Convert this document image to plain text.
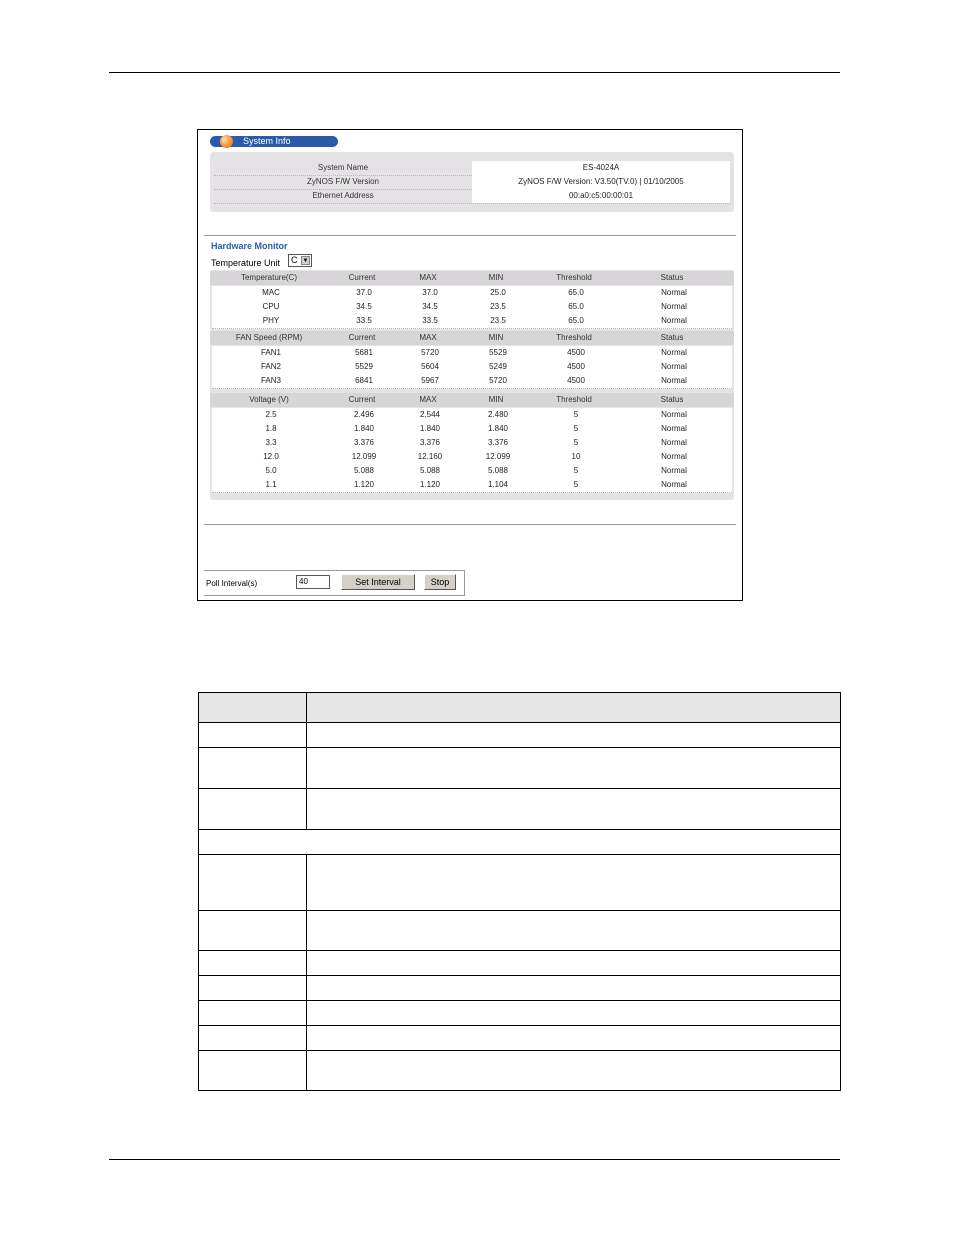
System Info
System Name	ES-4024A
ZyNOS F/W Version	ZyNOS F/W Version: V3.50(TV.0) | 01/10/2005
Ethernet Address	00:a0:c5:00:00:01
Hardware Monitor
Temperature Unit C ▼
Temperature(C)	Current	MAX	MIN	Threshold	Status
MAC	37.0	37.0	25.0	65.0	Normal
CPU	34.5	34.5	23.5	65.0	Normal
PHY	33.5	33.5	23.5	65.0	Normal
FAN Speed (RPM)	Current	MAX	MIN	Threshold	Status
FAN1	5681	5720	5529	4500	Normal
FAN2	5529	5604	5249	4500	Normal
FAN3	6841	5967	5720	4500	Normal
Voltage (V)	Current	MAX	MIN	Threshold	Status
2.5	2.496	2.544	2.480	5	Normal
1.8	1.840	1.840	1.840	5	Normal
3.3	3.376	3.376	3.376	5	Normal
12.0	12.099	12.160	12.099	10	Normal
5.0	5.088	5.088	5.088	5	Normal
1.1	1.120	1.120	1.104	5	Normal
Poll Interval(s)	40	Set Interval	Stop
